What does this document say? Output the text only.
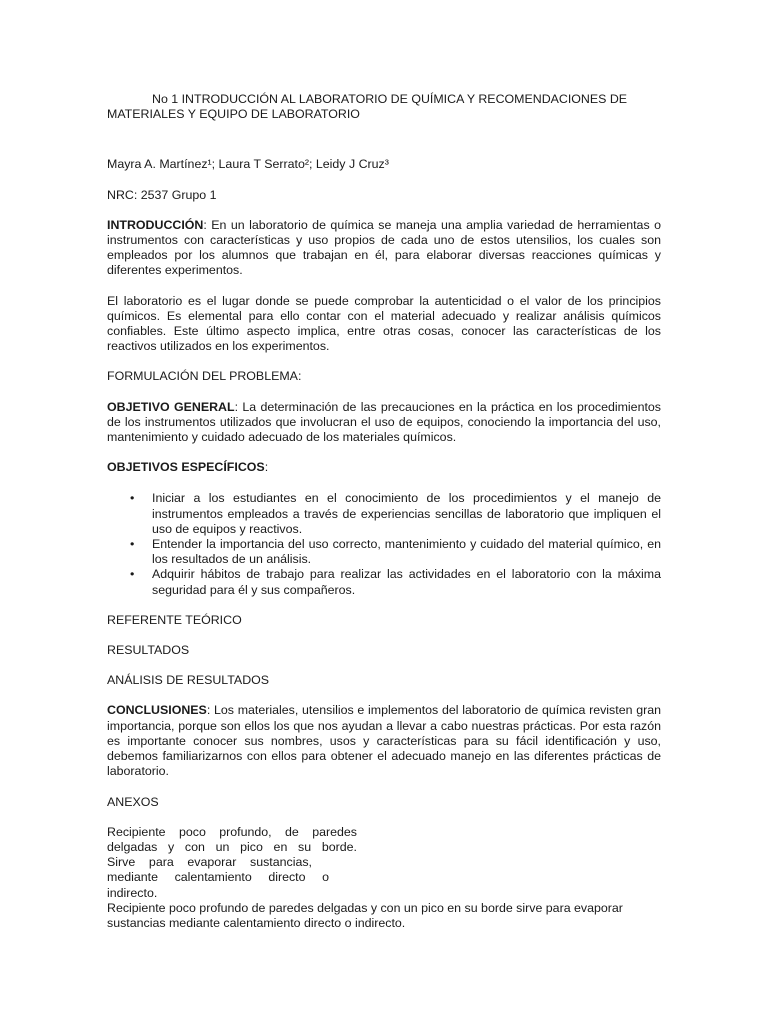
No 1 INTRODUCCIÓN AL LABORATORIO DE QUÍMICA Y RECOMENDACIONES DE MATERIALES Y EQUIPO DE LABORATORIO

Mayra A. Martínez¹; Laura T Serrato²; Leidy J Cruz³

NRC: 2537 Grupo 1

INTRODUCCIÓN: En un laboratorio de química se maneja una amplia variedad de herramientas o instrumentos con características y uso propios de cada uno de estos utensilios, los cuales son empleados por los alumnos que trabajan en él, para elaborar diversas reacciones químicas y diferentes experimentos.

El laboratorio es el lugar donde se puede comprobar la autenticidad o el valor de los principios químicos. Es elemental para ello contar con el material adecuado y realizar análisis químicos confiables. Este último aspecto implica, entre otras cosas, conocer las características de los reactivos utilizados en los experimentos.

FORMULACIÓN DEL PROBLEMA:

OBJETIVO GENERAL: La determinación de las precauciones en la práctica en los procedimientos de los instrumentos utilizados que involucran el uso de equipos, conociendo la importancia del uso, mantenimiento y cuidado adecuado de los materiales químicos.

OBJETIVOS ESPECÍFICOS:

• Iniciar a los estudiantes en el conocimiento de los procedimientos y el manejo de instrumentos empleados a través de experiencias sencillas de laboratorio que impliquen el uso de equipos y reactivos.
• Entender la importancia del uso correcto, mantenimiento y cuidado del material químico, en los resultados de un análisis.
• Adquirir hábitos de trabajo para realizar las actividades en el laboratorio con la máxima seguridad para él y sus compañeros.

REFERENTE TEÓRICO

RESULTADOS

ANÁLISIS DE RESULTADOS

CONCLUSIONES: Los materiales, utensilios e implementos del laboratorio de química revisten gran importancia, porque son ellos los que nos ayudan a llevar a cabo nuestras prácticas. Por esta razón es importante conocer sus nombres, usos y características para su fácil identificación y uso, debemos familiarizarnos con ellos para obtener el adecuado manejo en las diferentes prácticas de laboratorio.

ANEXOS

Recipiente poco profundo, de paredes
delgadas y con un pico en su borde.
Sirve para evaporar sustancias,
mediante calentamiento directo o
indirecto.

Recipiente poco profundo de paredes delgadas y con un pico en su borde sirve para evaporar sustancias mediante calentamiento directo o indirecto.
